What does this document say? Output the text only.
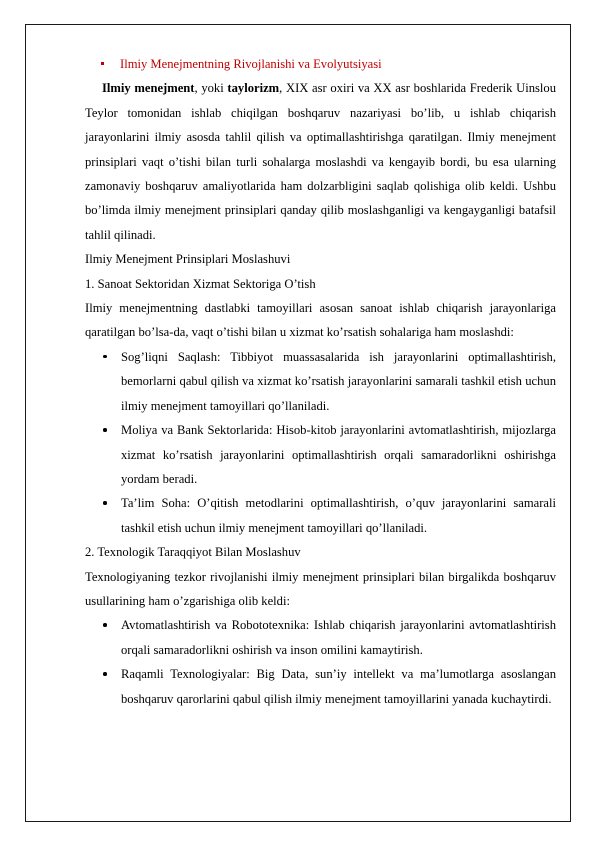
Ilmiy Menejmentning Rivojlanishi va Evolyutsiyasi

Ilmiy menejment, yoki taylorizm, XIX asr oxiri va XX asr boshlarida Frederik Uinslou Teylor tomonidan ishlab chiqilgan boshqaruv nazariyasi bo’lib, u ishlab chiqarish jarayonlarini ilmiy asosda tahlil qilish va optimallashtirishga qaratilgan. Ilmiy menejment prinsiplari vaqt o’tishi bilan turli sohalarga moslashdi va kengayib bordi, bu esa ularning zamonaviy boshqaruv amaliyotlarida ham dolzarbligini saqlab qolishiga olib keldi. Ushbu bo’limda ilmiy menejment prinsiplari qanday qilib moslashganligi va kengayganligi batafsil tahlil qilinadi.

Ilmiy Menejment Prinsiplari Moslashuvi

1. Sanoat Sektoridan Xizmat Sektoriga O’tish

Ilmiy menejmentning dastlabki tamoyillari asosan sanoat ishlab chiqarish jarayonlariga qaratilgan bo’lsa-da, vaqt o’tishi bilan u xizmat ko’rsatish sohalariga ham moslashdi:

Sog’liqni Saqlash: Tibbiyot muassasalarida ish jarayonlarini optimallashtirish, bemorlarni qabul qilish va xizmat ko’rsatish jarayonlarini samarali tashkil etish uchun ilmiy menejment tamoyillari qo’llaniladi.
Moliya va Bank Sektorlarida: Hisob-kitob jarayonlarini avtomatlashtirish, mijozlarga xizmat ko’rsatish jarayonlarini optimallashtirish orqali samaradorlikni oshirishga yordam beradi.
Ta’lim Soha: O’qitish metodlarini optimallashtirish, o’quv jarayonlarini samarali tashkil etish uchun ilmiy menejment tamoyillari qo’llaniladi.

2. Texnologik Taraqqiyot Bilan Moslashuv

Texnologiyaning tezkor rivojlanishi ilmiy menejment prinsiplari bilan birgalikda boshqaruv usullarining ham o’zgarishiga olib keldi:

Avtomatlashtirish va Robototexnika: Ishlab chiqarish jarayonlarini avtomatlashtirish orqali samaradorlikni oshirish va inson omilini kamaytirish.
Raqamli Texnologiyalar: Big Data, sun’iy intellekt va ma’lumotlarga asoslangan boshqaruv qarorlarini qabul qilish ilmiy menejment tamoyillarini yanada kuchaytirdi.
